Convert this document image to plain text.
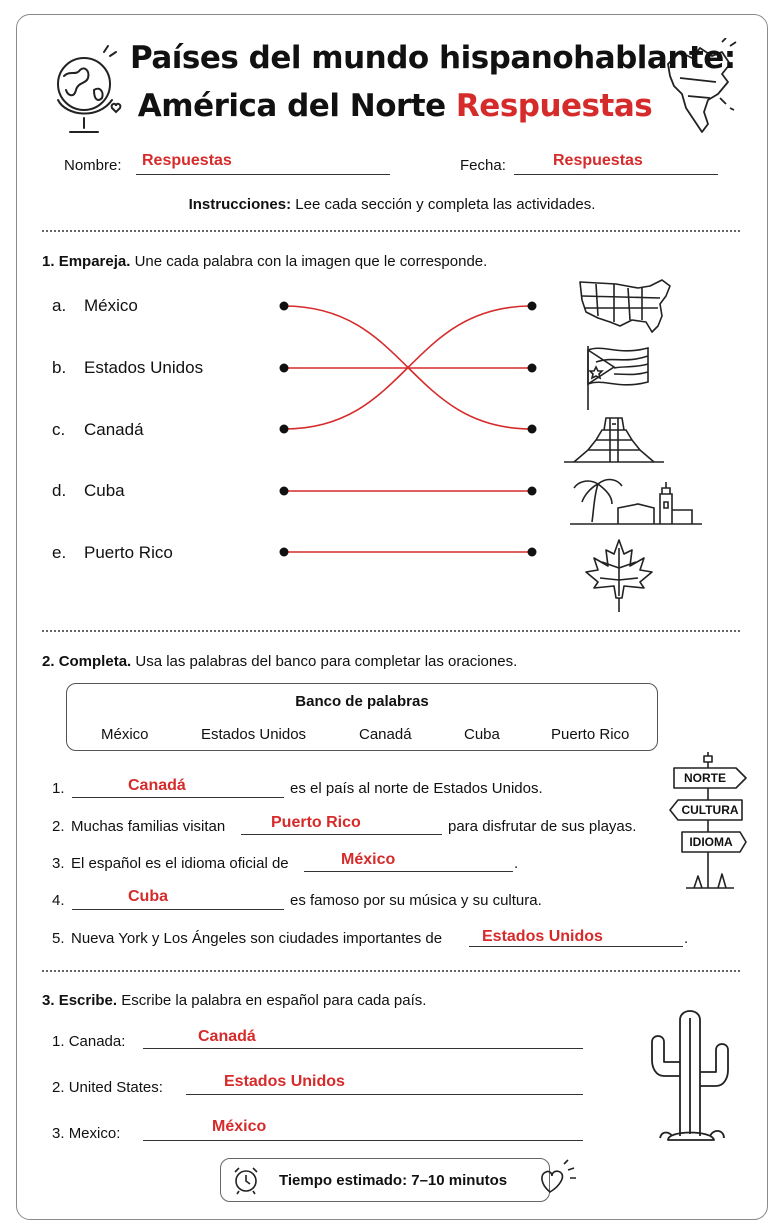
Países del mundo hispanohablante:
América del Norte Respuestas
Nombre: Respuestas	Fecha:	Respuestas
Instrucciones: Lee cada sección y completa las actividades.
1. Empareja. Une cada palabra con la imagen que le corresponde.
a. México
b. Estados Unidos
c. Canadá
d. Cuba
e. Puerto Rico
2. Completa. Usa las palabras del banco para completar las oraciones.
Banco de palabras
México	Estados Unidos	Canadá	Cuba	Puerto Rico
1.	Canadá	es el país al norte de Estados Unidos.
2. Muchas familias visitan	Puerto Rico	para disfrutar de sus playas.
3. El español es el idioma oficial de	México	.
4.	Cuba	es famoso por su música y su cultura.
5. Nueva York y Los Ángeles son ciudades importantes de Estados Unidos	.
NORTE
CULTURA
IDIOMA
3. Escribe. Escribe la palabra en español para cada país.
1. Canada:	Canadá
2. United States:	Estados Unidos
3. Mexico:	México
Tiempo estimado: 7–10 minutos
